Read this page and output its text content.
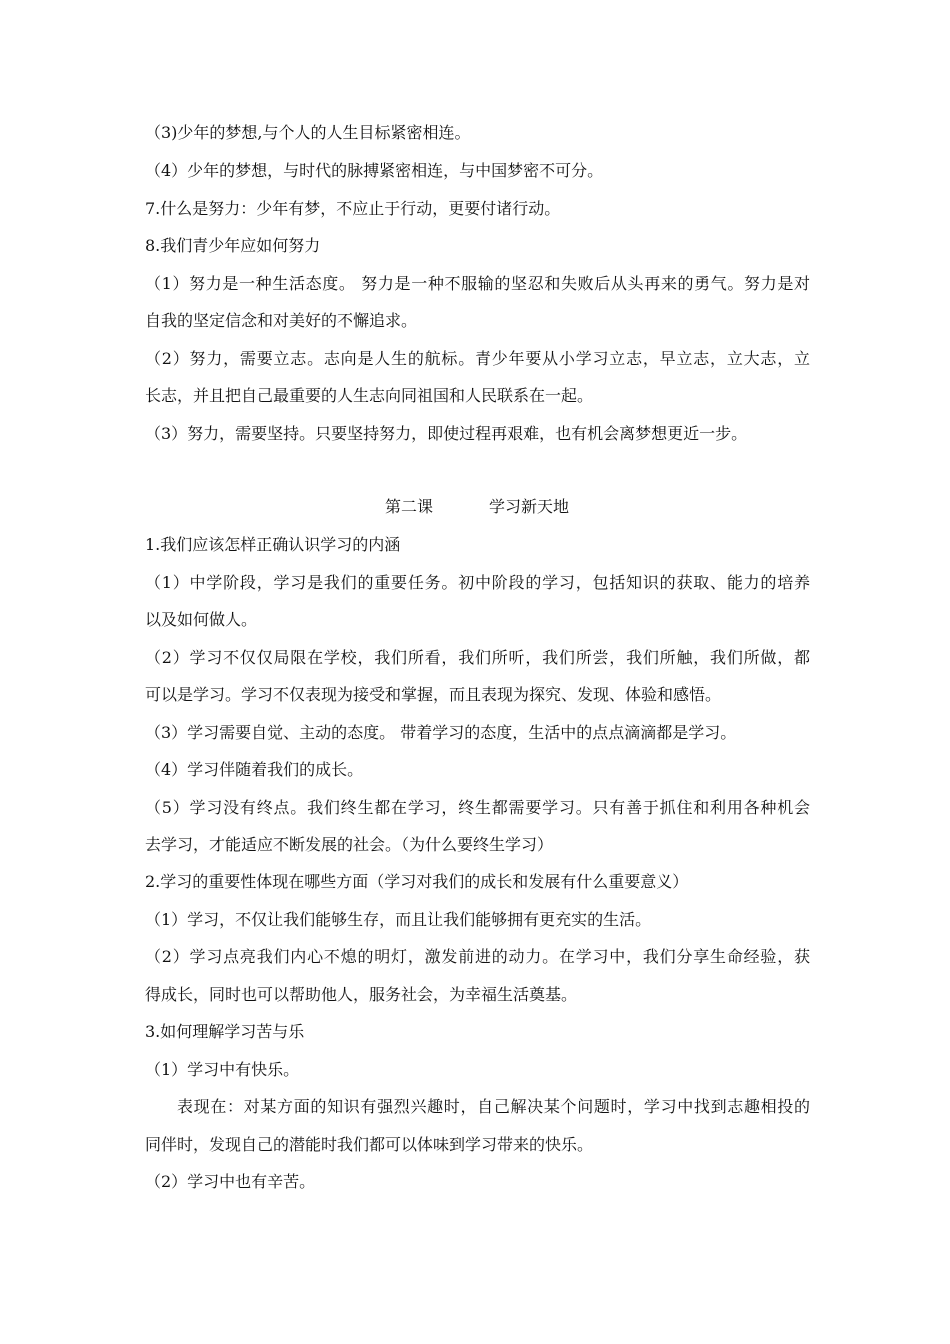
（3)少年的梦想,与个人的人生目标紧密相连。
（4）少年的梦想，与时代的脉搏紧密相连，与中国梦密不可分。
7.什么是努力：少年有梦，不应止于行动，更要付诸行动。
8.我们青少年应如何努力
（1）努力是一种生活态度。 努力是一种不服输的坚忍和失败后从头再来的勇气。努力是对
自我的坚定信念和对美好的不懈追求。
（2）努力，需要立志。志向是人生的航标。青少年要从小学习立志，早立志，立大志，立
长志，并且把自己最重要的人生志向同祖国和人民联系在一起。
（3）努力，需要坚持。只要坚持努力，即使过程再艰难，也有机会离梦想更近一步。
第二课	学习新天地
1.我们应该怎样正确认识学习的内涵
（1）中学阶段，学习是我们的重要任务。初中阶段的学习，包括知识的获取、能力的培养
以及如何做人。
（2）学习不仅仅局限在学校，我们所看，我们所听，我们所尝，我们所触，我们所做，都
可以是学习。学习不仅表现为接受和掌握，而且表现为探究、发现、体验和感悟。
（3）学习需要自觉、主动的态度。 带着学习的态度，生活中的点点滴滴都是学习。
（4）学习伴随着我们的成长。
（5）学习没有终点。我们终生都在学习，终生都需要学习。只有善于抓住和利用各种机会
去学习，才能适应不断发展的社会。（为什么要终生学习）
2.学习的重要性体现在哪些方面（学习对我们的成长和发展有什么重要意义）
（1）学习，不仅让我们能够生存，而且让我们能够拥有更充实的生活。
（2）学习点亮我们内心不熄的明灯，激发前进的动力。在学习中，我们分享生命经验，获
得成长，同时也可以帮助他人，服务社会，为幸福生活奠基。
3.如何理解学习苦与乐
（1）学习中有快乐。
表现在：对某方面的知识有强烈兴趣时，自己解决某个问题时，学习中找到志趣相投的
同伴时，发现自己的潜能时我们都可以体味到学习带来的快乐。
（2）学习中也有辛苦。
